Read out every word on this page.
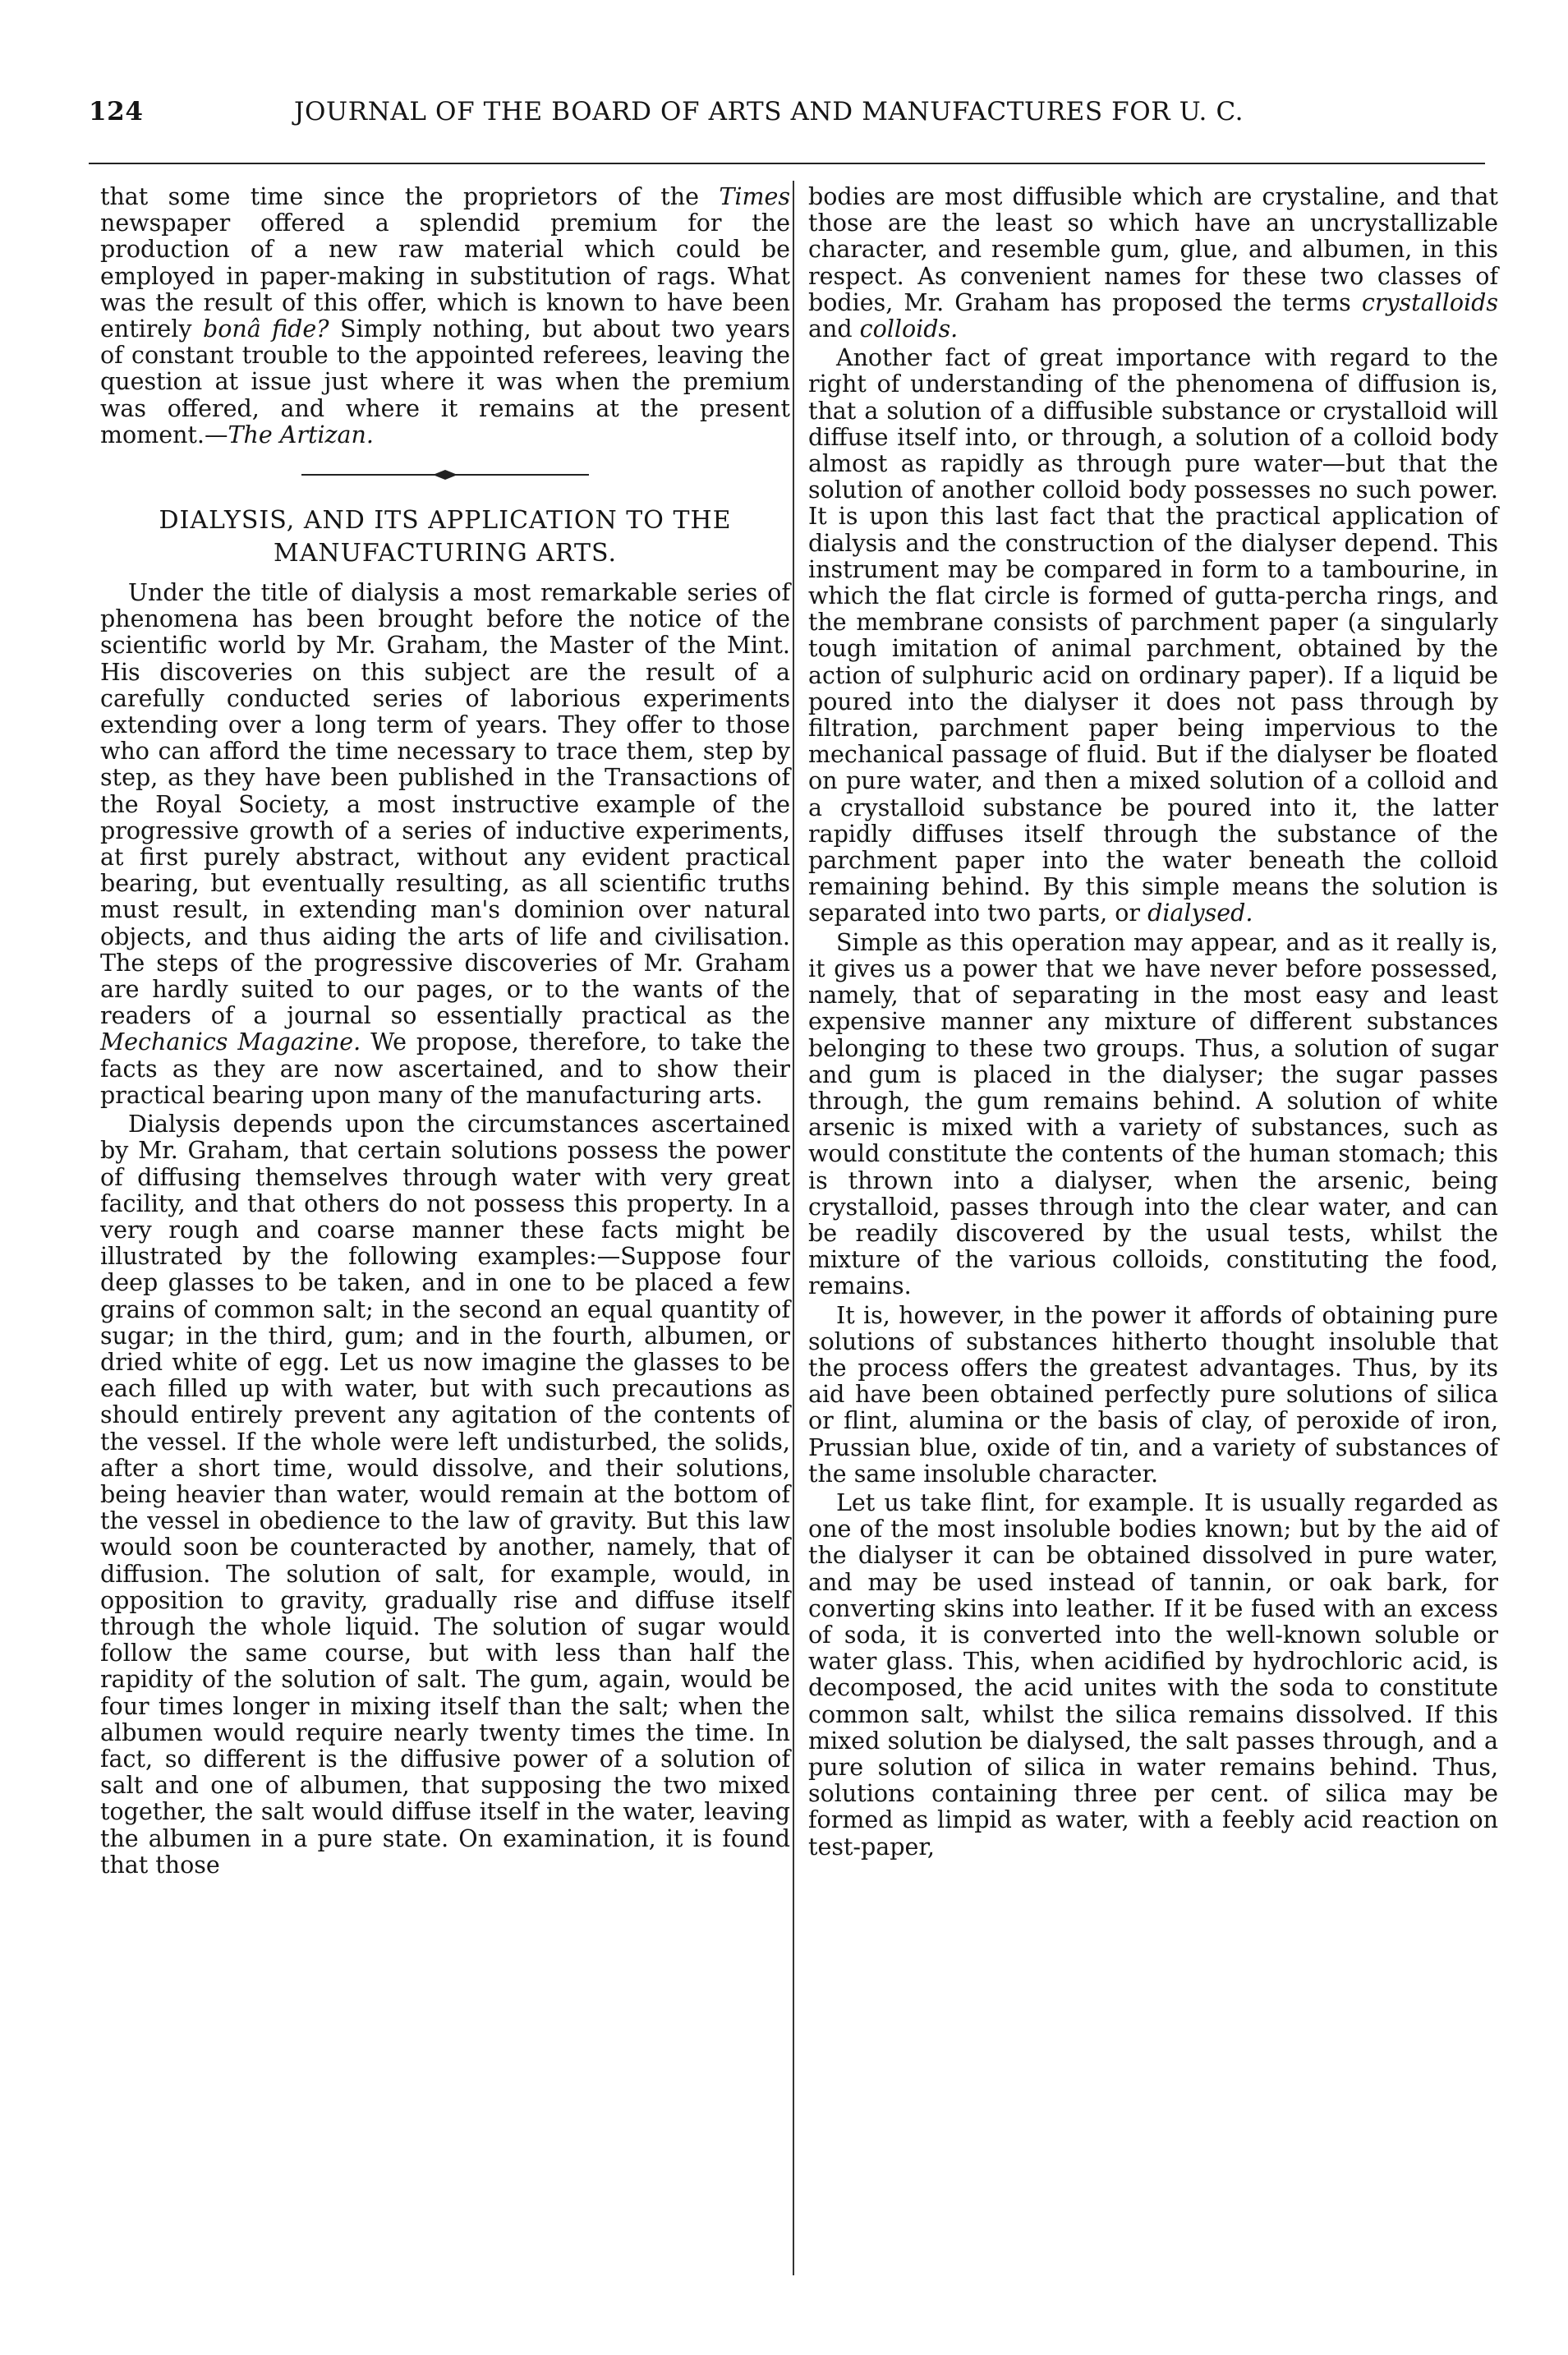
124	JOURNAL OF THE BOARD OF ARTS AND MANUFACTURES FOR U. C.

that some time since the proprietors of the Times newspaper offered a splendid premium for the production of a new raw material which could be employed in paper-making in substitution of rags. What was the result of this offer, which is known to have been entirely bonâ fide? Simply nothing, but about two years of constant trouble to the appointed referees, leaving the question at issue just where it was when the premium was offered, and where it remains at the present moment.—The Artizan.

DIALYSIS, AND ITS APPLICATION TO THE MANUFACTURING ARTS.

Under the title of dialysis a most remarkable series of phenomena has been brought before the notice of the scientific world by Mr. Graham, the Master of the Mint. His discoveries on this subject are the result of a carefully conducted series of laborious experiments extending over a long term of years. They offer to those who can afford the time necessary to trace them, step by step, as they have been published in the Transactions of the Royal Society, a most instructive example of the progressive growth of a series of inductive experiments, at first purely abstract, without any evident practical bearing, but eventually resulting, as all scientific truths must result, in extending man's dominion over natural objects, and thus aiding the arts of life and civilisation. The steps of the progressive discoveries of Mr. Graham are hardly suited to our pages, or to the wants of the readers of a journal so essentially practical as the Mechanics Magazine. We propose, therefore, to take the facts as they are now ascertained, and to show their practical bearing upon many of the manufacturing arts.

Dialysis depends upon the circumstances ascertained by Mr. Graham, that certain solutions possess the power of diffusing themselves through water with very great facility, and that others do not possess this property. In a very rough and coarse manner these facts might be illustrated by the following examples:—Suppose four deep glasses to be taken, and in one to be placed a few grains of common salt; in the second an equal quantity of sugar; in the third, gum; and in the fourth, albumen, or dried white of egg. Let us now imagine the glasses to be each filled up with water, but with such precautions as should entirely prevent any agitation of the contents of the vessel. If the whole were left undisturbed, the solids, after a short time, would dissolve, and their solutions, being heavier than water, would remain at the bottom of the vessel in obedience to the law of gravity. But this law would soon be counteracted by another, namely, that of diffusion. The solution of salt, for example, would, in opposition to gravity, gradually rise and diffuse itself through the whole liquid. The solution of sugar would follow the same course, but with less than half the rapidity of the solution of salt. The gum, again, would be four times longer in mixing itself than the salt; when the albumen would require nearly twenty times the time. In fact, so different is the diffusive power of a solution of salt and one of albumen, that supposing the two mixed together, the salt would diffuse itself in the water, leaving the albumen in a pure state. On examination, it is found that those

bodies are most diffusible which are crystaline, and that those are the least so which have an uncrystallizable character, and resemble gum, glue, and albumen, in this respect. As convenient names for these two classes of bodies, Mr. Graham has proposed the terms crystalloids and colloids.

Another fact of great importance with regard to the right of understanding of the phenomena of diffusion is, that a solution of a diffusible substance or crystalloid will diffuse itself into, or through, a solution of a colloid body almost as rapidly as through pure water—but that the solution of another colloid body possesses no such power. It is upon this last fact that the practical application of dialysis and the construction of the dialyser depend. This instrument may be compared in form to a tambourine, in which the flat circle is formed of gutta-percha rings, and the membrane consists of parchment paper (a singularly tough imitation of animal parchment, obtained by the action of sulphuric acid on ordinary paper). If a liquid be poured into the dialyser it does not pass through by filtration, parchment paper being impervious to the mechanical passage of fluid. But if the dialyser be floated on pure water, and then a mixed solution of a colloid and a crystalloid substance be poured into it, the latter rapidly diffuses itself through the substance of the parchment paper into the water beneath the colloid remaining behind. By this simple means the solution is separated into two parts, or dialysed.

Simple as this operation may appear, and as it really is, it gives us a power that we have never before possessed, namely, that of separating in the most easy and least expensive manner any mixture of different substances belonging to these two groups. Thus, a solution of sugar and gum is placed in the dialyser; the sugar passes through, the gum remains behind. A solution of white arsenic is mixed with a variety of substances, such as would constitute the contents of the human stomach; this is thrown into a dialyser, when the arsenic, being crystalloid, passes through into the clear water, and can be readily discovered by the usual tests, whilst the mixture of the various colloids, constituting the food, remains.

It is, however, in the power it affords of obtaining pure solutions of substances hitherto thought insoluble that the process offers the greatest advantages. Thus, by its aid have been obtained perfectly pure solutions of silica or flint, alumina or the basis of clay, of peroxide of iron, Prussian blue, oxide of tin, and a variety of substances of the same insoluble character.

Let us take flint, for example. It is usually regarded as one of the most insoluble bodies known; but by the aid of the dialyser it can be obtained dissolved in pure water, and may be used instead of tannin, or oak bark, for converting skins into leather. If it be fused with an excess of soda, it is converted into the well-known soluble or water glass. This, when acidified by hydrochloric acid, is decomposed, the acid unites with the soda to constitute common salt, whilst the silica remains dissolved. If this mixed solution be dialysed, the salt passes through, and a pure solution of silica in water remains behind. Thus, solutions containing three per cent. of silica may be formed as limpid as water, with a feebly acid reaction on test-paper,
